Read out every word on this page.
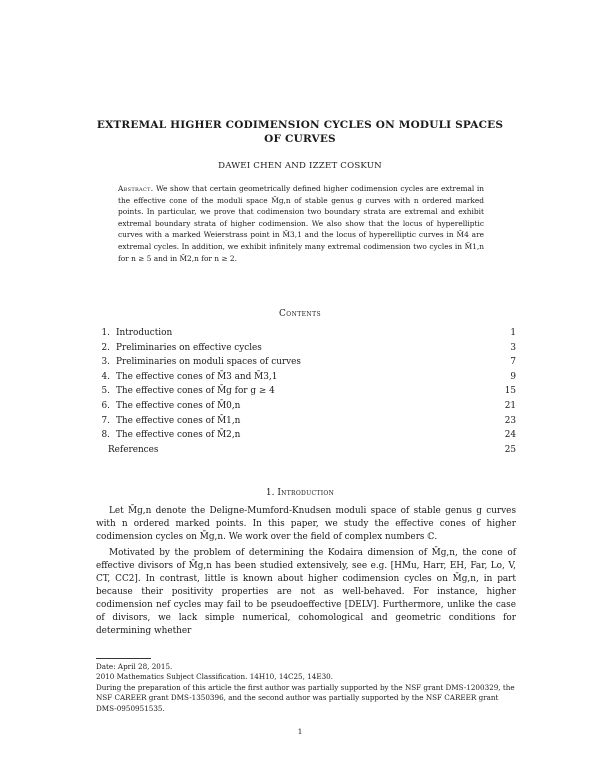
EXTREMAL HIGHER CODIMENSION CYCLES ON MODULI SPACES
OF CURVES
DAWEI CHEN AND IZZET COSKUN
Abstract. We show that certain geometrically defined higher codimension cycles are extremal in the effective cone of the moduli space M̄g,n of stable genus g curves with n ordered marked points. In particular, we prove that codimension two boundary strata are extremal and exhibit extremal boundary strata of higher codimension. We also show that the locus of hyperelliptic curves with a marked Weierstrass point in M̄3,1 and the locus of hyperelliptic curves in M̄4 are extremal cycles. In addition, we exhibit infinitely many extremal codimension two cycles in M̄1,n for n ≥ 5 and in M̄2,n for n ≥ 2.
Contents
1. Introduction	1
2. Preliminaries on effective cycles	3
3. Preliminaries on moduli spaces of curves	7
4. The effective cones of M̄3 and M̄3,1	9
5. The effective cones of M̄g for g ≥ 4	15
6. The effective cones of M̄0,n	21
7. The effective cones of M̄1,n	23
8. The effective cones of M̄2,n	24
References	25
1. Introduction
Let M̄g,n denote the Deligne-Mumford-Knudsen moduli space of stable genus g curves with n ordered marked points. In this paper, we study the effective cones of higher codimension cycles on M̄g,n. We work over the field of complex numbers ℂ.
Motivated by the problem of determining the Kodaira dimension of M̄g,n, the cone of effective divisors of M̄g,n has been studied extensively, see e.g. [HMu, Harr, EH, Far, Lo, V, CT, CC2]. In contrast, little is known about higher codimension cycles on M̄g,n, in part because their positivity properties are not as well-behaved. For instance, higher codimension nef cycles may fail to be pseudoeffective [DELV]. Furthermore, unlike the case of divisors, we lack simple numerical, cohomological and geometric conditions for determining whether
Date: April 28, 2015.
2010 Mathematics Subject Classification. 14H10, 14C25, 14E30.
During the preparation of this article the first author was partially supported by the NSF grant DMS-1200329, the NSF CAREER grant DMS-1350396, and the second author was partially supported by the NSF CAREER grant DMS-0950951535.
1
